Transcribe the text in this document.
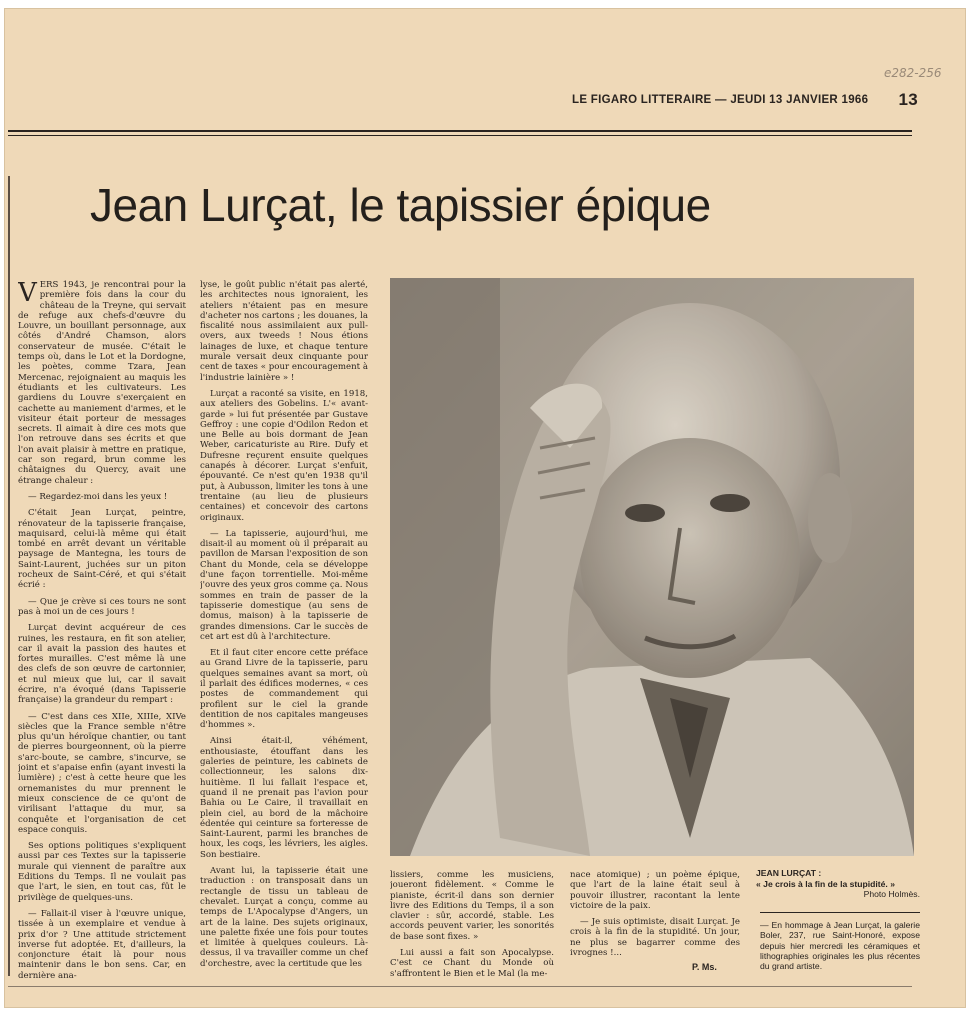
e282-256
LE FIGARO LITTERAIRE — JEUDI 13 JANVIER 1966 13
Jean Lurçat, le tapissier épique

VERS 1943, je rencontrai pour la première fois dans la cour du château de la Treyne, qui servait de refuge aux chefs-d'œuvre du Louvre, un bouillant personnage, aux côtés d'André Chamson, alors conservateur de musée. C'était le temps où, dans le Lot et la Dordogne, les poètes, comme Tzara, Jean Mercenac, rejoignaient au maquis les étudiants et les cultivateurs. Les gardiens du Louvre s'exerçaient en cachette au maniement d'armes, et le visiteur était porteur de messages secrets. Il aimait à dire ces mots que l'on retrouve dans ses écrits et que l'on avait plaisir à mettre en pratique, car son regard, brun comme les châtaignes du Quercy, avait une étrange chaleur :

— Regardez-moi dans les yeux !

C'était Jean Lurçat, peintre, rénovateur de la tapisserie française, maquisard, celui-là même qui était tombé en arrêt devant un véritable paysage de Mantegna, les tours de Saint-Laurent, juchées sur un piton rocheux de Saint-Céré, et qui s'était écrié :

— Que je crève si ces tours ne sont pas à moi un de ces jours !

Lurçat devint acquéreur de ces ruines, les restaura, en fit son atelier, car il avait la passion des hautes et fortes murailles. C'est même là une des clefs de son œuvre de cartonnier, et nul mieux que lui, car il savait écrire, n'a évoqué (dans Tapisserie française) la grandeur du rempart :

— C'est dans ces XIIe, XIIIe, XIVe siècles que la France semble n'être plus qu'un héroïque chantier, ou tant de pierres bourgeonnent, où la pierre s'arc-boute, se cambre, s'incurve, se joint et s'apaise enfin (ayant investi la lumière) ; c'est à cette heure que les ornemanistes du mur prennent le mieux conscience de ce qu'ont de virilisant l'attaque du mur, sa conquête et l'organisation de cet espace conquis.

Ses options politiques s'expliquent aussi par ces Textes sur la tapisserie murale qui viennent de paraître aux Editions du Temps. Il ne voulait pas que l'art, le sien, en tout cas, fût le privilège de quelques-uns.

— Fallait-il viser à l'œuvre unique, tissée à un exemplaire et vendue à prix d'or ? Une attitude strictement inverse fut adoptée. Et, d'ailleurs, la conjoncture était là pour nous maintenir dans le bon sens. Car, en dernière ana-

lyse, le goût public n'était pas alerté, les architectes nous ignoraient, les ateliers n'étaient pas en mesure d'acheter nos cartons ; les douanes, la fiscalité nous assimilaient aux pull-overs, aux tweeds ! Nous étions lainages de luxe, et chaque tenture murale versait deux cinquante pour cent de taxes « pour encouragement à l'industrie lainière » !

Lurçat a raconté sa visite, en 1918, aux ateliers des Gobelins. L'« avant-garde » lui fut présentée par Gustave Geffroy : une copie d'Odilon Redon et une Belle au bois dormant de Jean Weber, caricaturiste au Rire. Dufy et Dufresne reçurent ensuite quelques canapés à décorer. Lurçat s'enfuit, épouvanté. Ce n'est qu'en 1938 qu'il put, à Aubusson, limiter les tons à une trentaine (au lieu de plusieurs centaines) et concevoir des cartons originaux.

— La tapisserie, aujourd'hui, me disait-il au moment où il préparait au pavillon de Marsan l'exposition de son Chant du Monde, cela se développe d'une façon torrentielle. Moi-même j'ouvre des yeux gros comme ça. Nous sommes en train de passer de la tapisserie domestique (au sens de domus, maison) à la tapisserie de grandes dimensions. Car le succès de cet art est dû à l'architecture.

Et il faut citer encore cette préface au Grand Livre de la tapisserie, paru quelques semaines avant sa mort, où il parlait des édifices modernes, « ces postes de commandement qui profilent sur le ciel la grande dentition de nos capitales mangeuses d'hommes ».

Ainsi était-il, véhément, enthousiaste, étouffant dans les galeries de peinture, les cabinets de collectionneur, les salons dix-huitième. Il lui fallait l'espace et, quand il ne prenait pas l'avion pour Bahia ou Le Caire, il travaillait en plein ciel, au bord de la mâchoire édentée qui ceinture sa forteresse de Saint-Laurent, parmi les branches de houx, les coqs, les lévriers, les aigles. Son bestiaire.

Avant lui, la tapisserie était une traduction : on transposait dans un rectangle de tissu un tableau de chevalet. Lurçat a conçu, comme au temps de L'Apocalypse d'Angers, un art de la laine. Des sujets originaux, une palette fixée une fois pour toutes et limitée à quelques couleurs. Là-dessus, il va travailler comme un chef d'orchestre, avec la certitude que les

lissiers, comme les musiciens, joueront fidèlement. « Comme le pianiste, écrit-il dans son dernier livre des Editions du Temps, il a son clavier : sûr, accordé, stable. Les accords peuvent varier, les sonorités de base sont fixes. »

Lui aussi a fait son Apocalypse. C'est ce Chant du Monde où s'affrontent le Bien et le Mal (la me-

nace atomique) ; un poème épique, que l'art de la laine était seul à pouvoir illustrer, racontant la lente victoire de la paix.

— Je suis optimiste, disait Lurçat. Je crois à la fin de la stupidité. Un jour, ne plus se bagarrer comme des ivrognes !...

P. Ms.
JEAN LURÇAT :
« Je crois à la fin de la stupidité. »
Photo Holmès.
— En hommage à Jean Lurçat, la galerie Boler, 237, rue Saint-Honoré, expose depuis hier mercredi les céramiques et lithographies originales les plus récentes du grand artiste.
